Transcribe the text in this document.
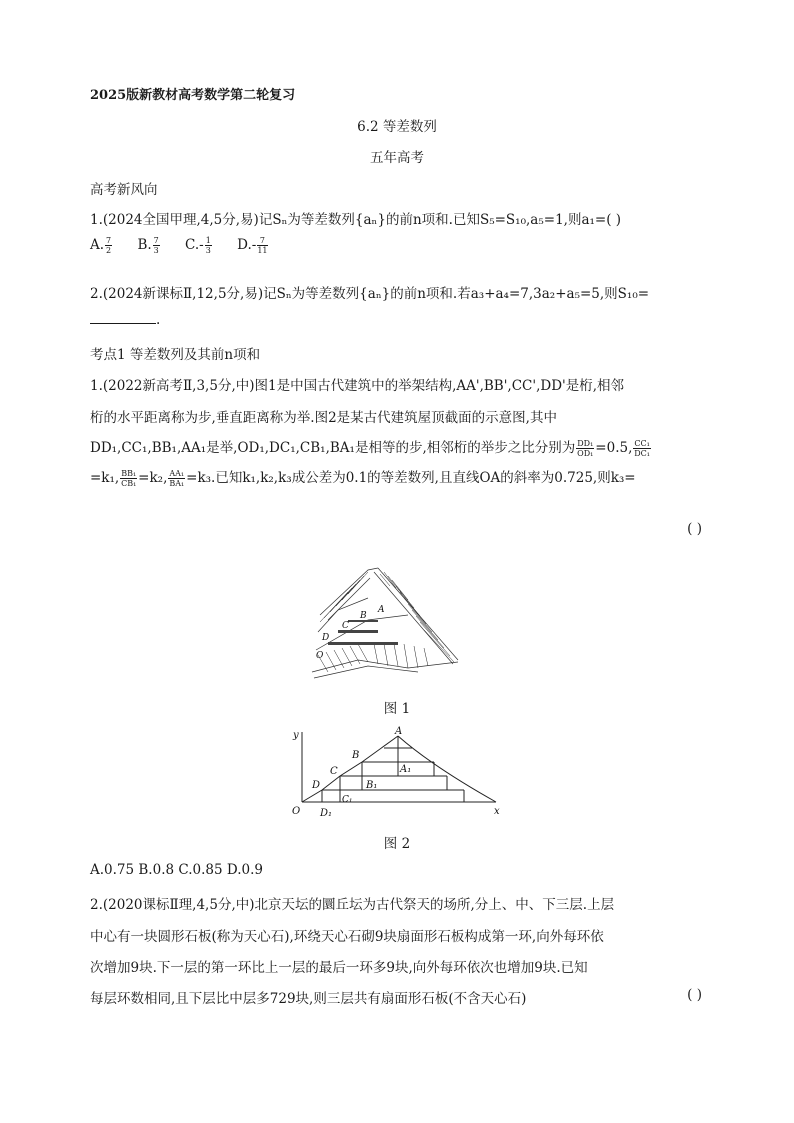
2025版新教材高考数学第二轮复习
6.2 等差数列
五年高考
高考新风向
1.(2024全国甲理,4,5分,易)记Sₙ为等差数列{aₙ}的前n项和.已知S₅=S₁₀,a₅=1,则a₁=( )
A. $\frac{7}{2} B$. $\frac{7}{3} C.- \frac{1}{3} D.- \frac{7}{11}$
2.(2024新课标Ⅱ,12,5分,易)记Sₙ为等差数列{aₙ}的前n项和.若a₃+a₄=7,3a₂+a₅=5,则S₁₀=
.
考点1 等差数列及其前n项和
1.(2022新高考Ⅱ,3,5分,中)图1是中国古代建筑中的举架结构,AA',BB',CC',DD'是桁,相邻
桁的水平距离称为步,垂直距离称为举.图2是某古代建筑屋顶截面的示意图,其中
DD₁,CC₁,BB₁,AA₁是举,OD₁,DC₁,CB₁,BA₁是相等的步,相邻桁的举步之比分别为 $\frac{\text{DD₁}}{\text{OD₁}} =0.5$, $\frac{\text{CC₁}}{\text{DC₁}}$
=k₁, $\frac{\text{BB₁}}{\text{CB₁}} =k_2$, $\frac{\text{AA₁}}{\text{BA₁}} =k_3$.已知k₁,k₂,k₃成公差为0.1的等差数列,且直线OA的斜率为0.725,则k₃=
( )
A
B
C
D
O
图 1
y
x
O
A
B
C
D
A₁
B₁
C₁
D₁
图 2
A.0.75 B.0.8 C.0.85 D.0.9
2.(2020课标Ⅱ理,4,5分,中)北京天坛的圜丘坛为古代祭天的场所,分上、中、下三层.上层
中心有一块圆形石板(称为天心石),环绕天心石砌9块扇面形石板构成第一环,向外每环依
次增加9块.下一层的第一环比上一层的最后一环多9块,向外每环依次也增加9块.已知
每层环数相同,且下层比中层多729块,则三层共有扇面形石板(不含天心石)	( )
